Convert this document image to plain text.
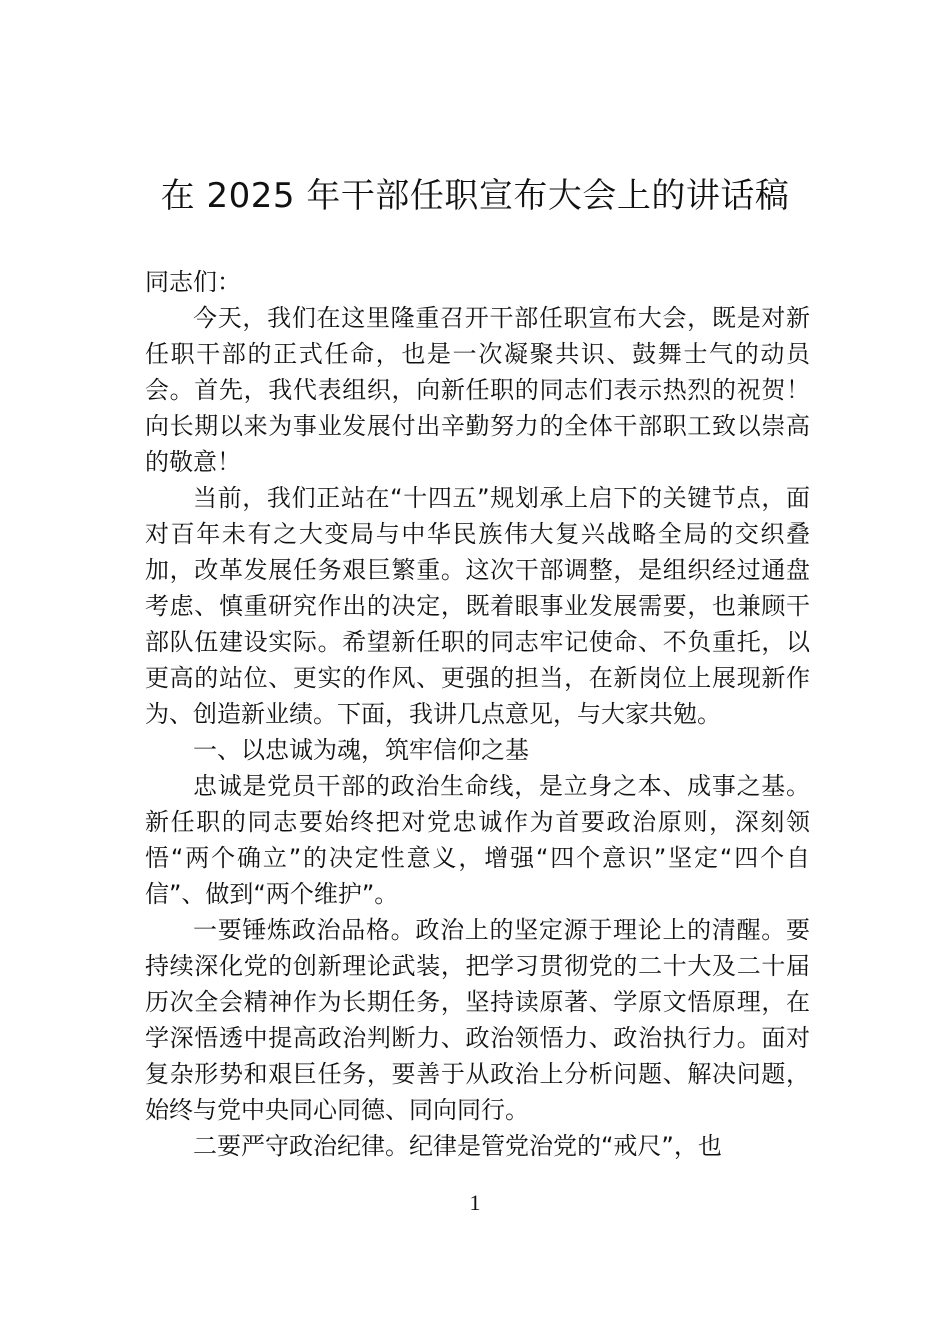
在 2025 年干部任职宣布大会上的讲话稿

同志们：

今天，我们在这里隆重召开干部任职宣布大会，既是对新任职干部的正式任命，也是一次凝聚共识、鼓舞士气的动员会。首先，我代表组织，向新任职的同志们表示热烈的祝贺！向长期以来为事业发展付出辛勤努力的全体干部职工致以崇高的敬意！

当前，我们正站在“十四五”规划承上启下的关键节点，面对百年未有之大变局与中华民族伟大复兴战略全局的交织叠加，改革发展任务艰巨繁重。这次干部调整，是组织经过通盘考虑、慎重研究作出的决定，既着眼事业发展需要，也兼顾干部队伍建设实际。希望新任职的同志牢记使命、不负重托，以更高的站位、更实的作风、更强的担当，在新岗位上展现新作为、创造新业绩。下面，我讲几点意见，与大家共勉。

一、以忠诚为魂，筑牢信仰之基

忠诚是党员干部的政治生命线，是立身之本、成事之基。新任职的同志要始终把对党忠诚作为首要政治原则，深刻领悟“两个确立”的决定性意义，增强“四个意识”坚定“四个自信”、做到“两个维护”。

一要锤炼政治品格。政治上的坚定源于理论上的清醒。要持续深化党的创新理论武装，把学习贯彻党的二十大及二十届历次全会精神作为长期任务，坚持读原著、学原文悟原理，在学深悟透中提高政治判断力、政治领悟力、政治执行力。面对复杂形势和艰巨任务，要善于从政治上分析问题、解决问题，始终与党中央同心同德、同向同行。

二要严守政治纪律。纪律是管党治党的“戒尺”，也

1
